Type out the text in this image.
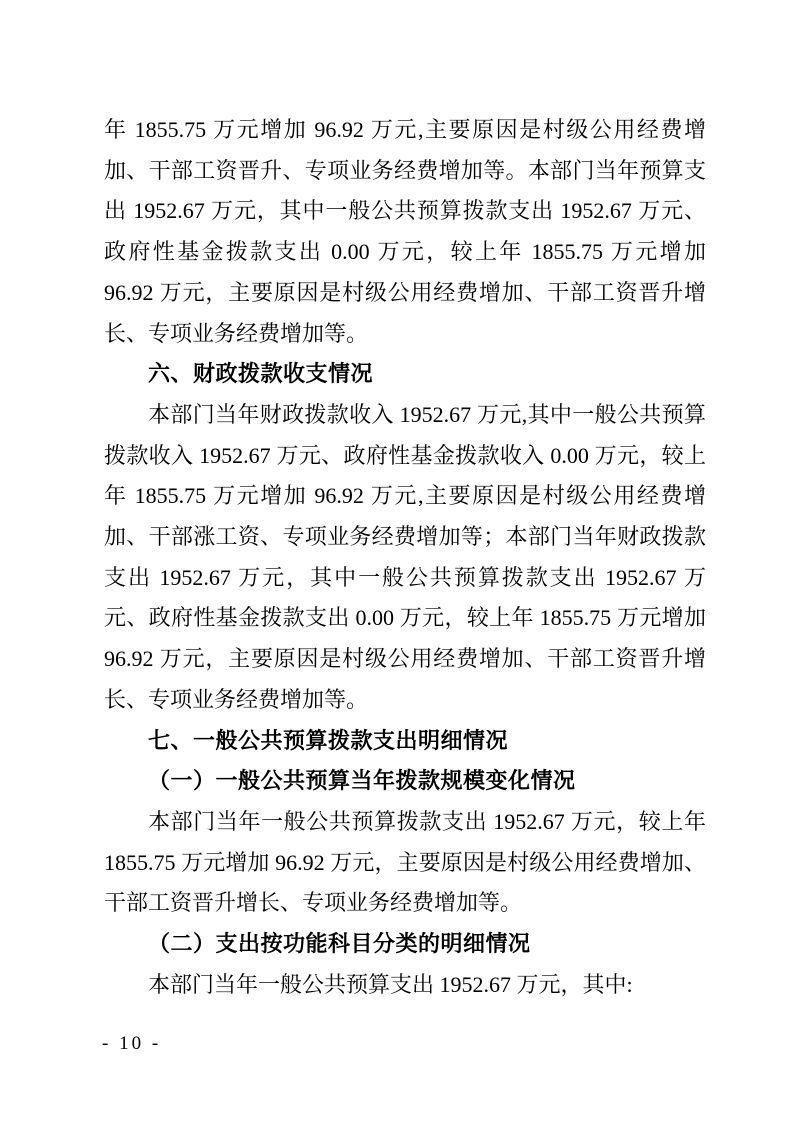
年 1855.75 万元增加 96.92 万元,主要原因是村级公用经费增加、干部工资晋升、专项业务经费增加等。本部门当年预算支出 1952.67 万元，其中一般公共预算拨款支出 1952.67 万元、政府性基金拨款支出 0.00 万元，较上年 1855.75 万元增加 96.92 万元，主要原因是村级公用经费增加、干部工资晋升增长、专项业务经费增加等。

六、财政拨款收支情况

本部门当年财政拨款收入 1952.67 万元,其中一般公共预算拨款收入 1952.67 万元、政府性基金拨款收入 0.00 万元，较上年 1855.75 万元增加 96.92 万元,主要原因是村级公用经费增加、干部涨工资、专项业务经费增加等；本部门当年财政拨款支出 1952.67 万元，其中一般公共预算拨款支出 1952.67 万元、政府性基金拨款支出 0.00 万元，较上年 1855.75 万元增加 96.92 万元，主要原因是村级公用经费增加、干部工资晋升增长、专项业务经费增加等。

七、一般公共预算拨款支出明细情况

（一）一般公共预算当年拨款规模变化情况

本部门当年一般公共预算拨款支出 1952.67 万元，较上年 1855.75 万元增加 96.92 万元，主要原因是村级公用经费增加、干部工资晋升增长、专项业务经费增加等。

（二）支出按功能科目分类的明细情况

本部门当年一般公共预算支出 1952.67 万元，其中:

- 10 -
